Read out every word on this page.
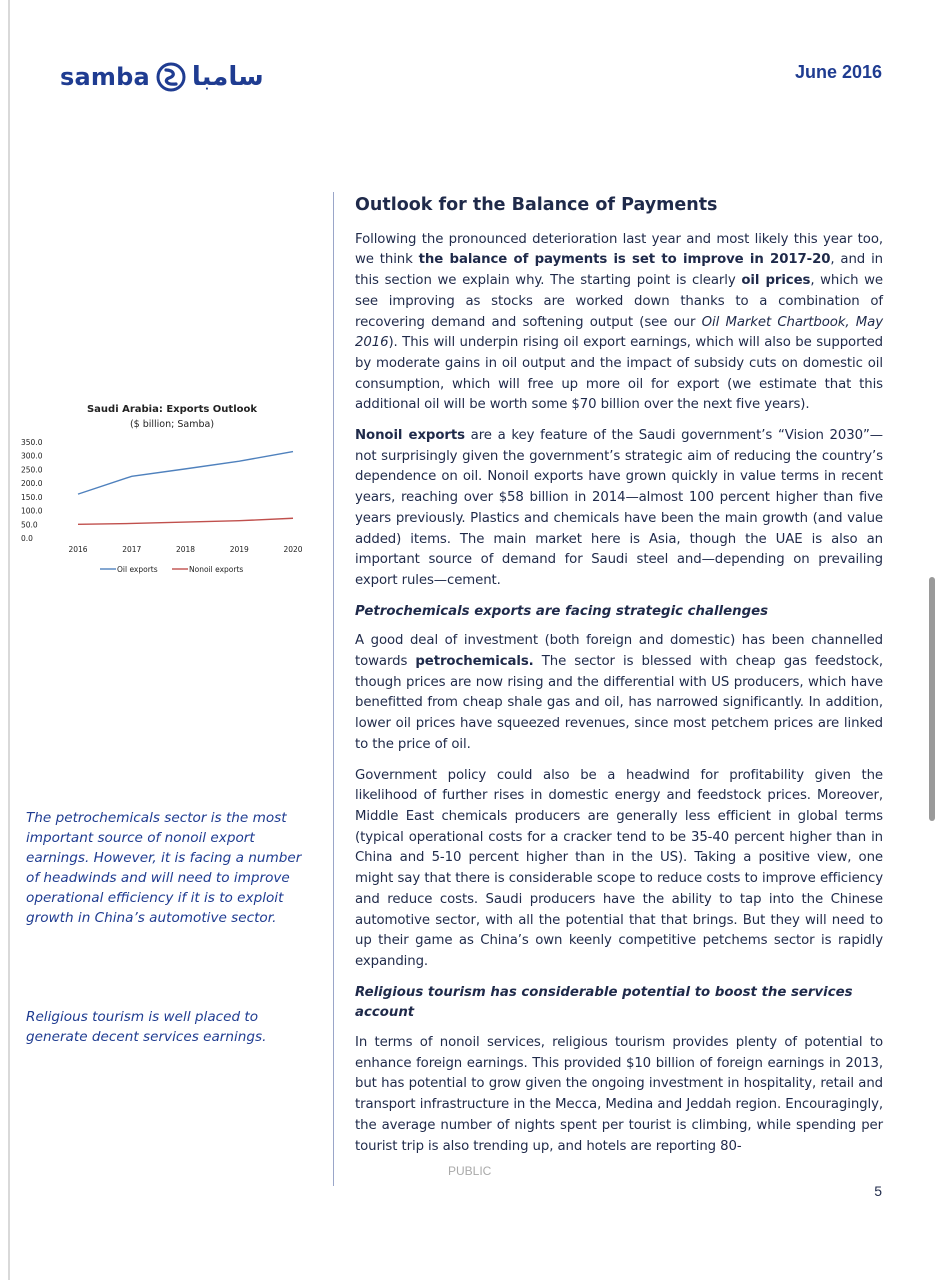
samba سامبا	June 2016
Saudi Arabia: Exports Outlook
($ billion; Samba)
350.0
300.0
250.0
200.0
150.0
100.0
50.0
0.0
2016	2017	2018	2019	2020
Oil exports	Nonoil exports
The petrochemicals sector is the most important source of nonoil export earnings. However, it is facing a number of headwinds and will need to improve operational efficiency if it is to exploit growth in China’s automotive sector.
Religious tourism is well placed to generate decent services earnings.
Outlook for the Balance of Payments

Following the pronounced deterioration last year and most likely this year too, we think the balance of payments is set to improve in 2017-20, and in this section we explain why. The starting point is clearly oil prices, which we see improving as stocks are worked down thanks to a combination of recovering demand and softening output (see our Oil Market Chartbook, May 2016). This will underpin rising oil export earnings, which will also be supported by moderate gains in oil output and the impact of subsidy cuts on domestic oil consumption, which will free up more oil for export (we estimate that this additional oil will be worth some $70 billion over the next five years).

Nonoil exports are a key feature of the Saudi government’s “Vision 2030”—not surprisingly given the government’s strategic aim of reducing the country’s dependence on oil. Nonoil exports have grown quickly in value terms in recent years, reaching over $58 billion in 2014—almost 100 percent higher than five years previously. Plastics and chemicals have been the main growth (and value added) items. The main market here is Asia, though the UAE is also an important source of demand for Saudi steel and—depending on prevailing export rules—cement.

Petrochemicals exports are facing strategic challenges

A good deal of investment (both foreign and domestic) has been channelled towards petrochemicals. The sector is blessed with cheap gas feedstock, though prices are now rising and the differential with US producers, which have benefitted from cheap shale gas and oil, has narrowed significantly. In addition, lower oil prices have squeezed revenues, since most petchem prices are linked to the price of oil.

Government policy could also be a headwind for profitability given the likelihood of further rises in domestic energy and feedstock prices. Moreover, Middle East chemicals producers are generally less efficient in global terms (typical operational costs for a cracker tend to be 35-40 percent higher than in China and 5-10 percent higher than in the US). Taking a positive view, one might say that there is considerable scope to reduce costs to improve efficiency and reduce costs. Saudi producers have the ability to tap into the Chinese automotive sector, with all the potential that that brings. But they will need to up their game as China’s own keenly competitive petchems sector is rapidly expanding.

Religious tourism has considerable potential to boost the services account

In terms of nonoil services, religious tourism provides plenty of potential to enhance foreign earnings. This provided $10 billion of foreign earnings in 2013, but has potential to grow given the ongoing investment in hospitality, retail and transport infrastructure in the Mecca, Medina and Jeddah region. Encouragingly, the average number of nights spent per tourist is climbing, while spending per tourist trip is also trending up, and hotels are reporting 80-

PUBLIC
5
